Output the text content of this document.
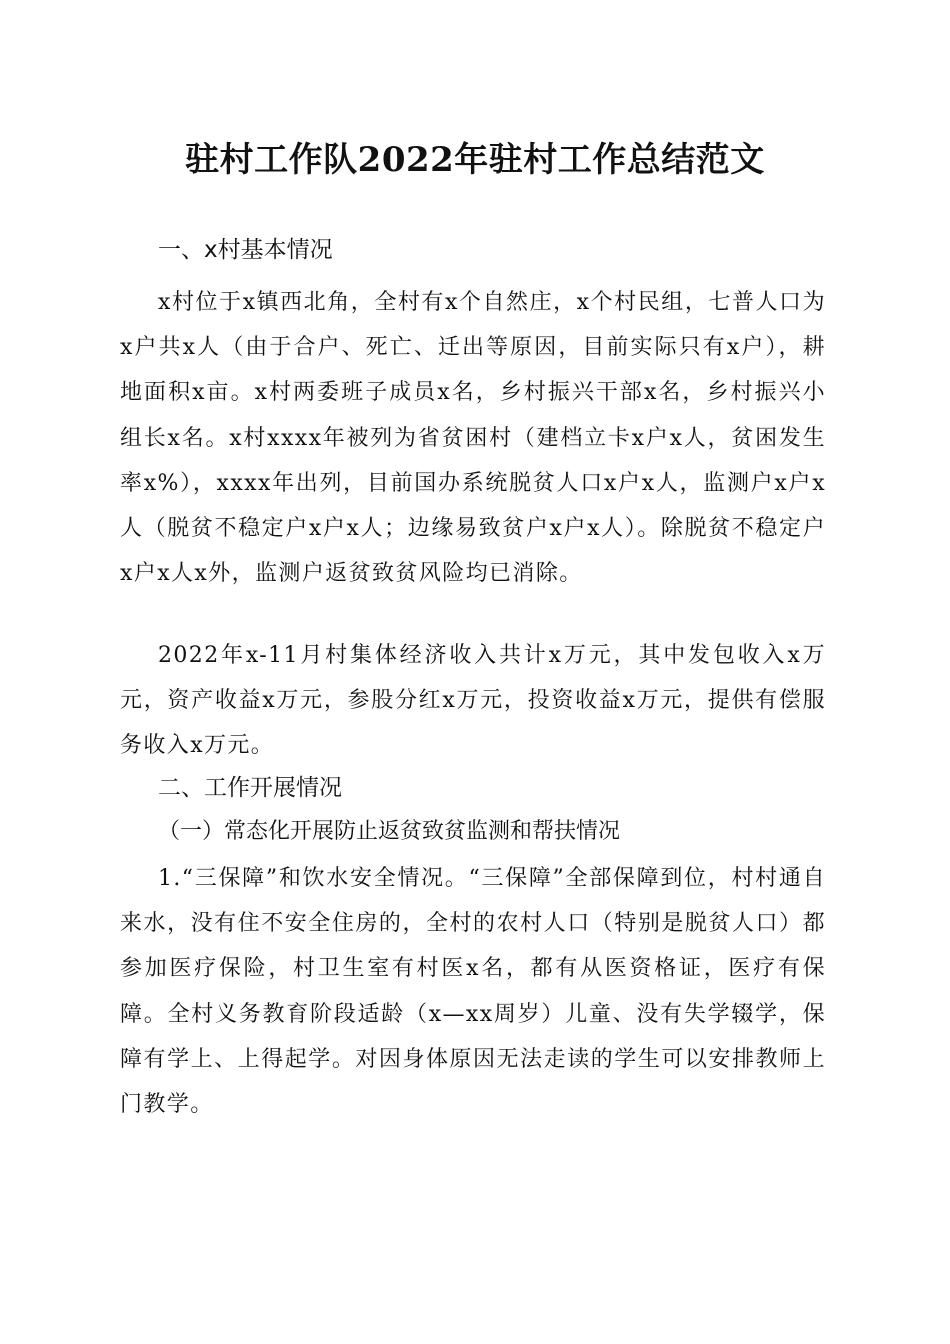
驻村工作队2022年驻村工作总结范文
一、x村基本情况

x村位于x镇西北角，全村有x个自然庄，x个村民组，七普人口为x户共x人（由于合户、死亡、迁出等原因，目前实际只有x户），耕地面积x亩。x村两委班子成员x名，乡村振兴干部x名，乡村振兴小组长x名。x村xxxx年被列为省贫困村（建档立卡x户x人，贫困发生率x%），xxxx年出列，目前国办系统脱贫人口x户x人，监测户x户x人（脱贫不稳定户x户x人；边缘易致贫户x户x人）。除脱贫不稳定户x户x人x外，监测户返贫致贫风险均已消除。

2022年x-11月村集体经济收入共计x万元，其中发包收入x万元，资产收益x万元，参股分红x万元，投资收益x万元，提供有偿服务收入x万元。

二、工作开展情况
（一）常态化开展防止返贫致贫监测和帮扶情况

1.“三保障”和饮水安全情况。“三保障”全部保障到位，村村通自来水，没有住不安全住房的，全村的农村人口（特别是脱贫人口）都参加医疗保险，村卫生室有村医x名，都有从医资格证，医疗有保障。全村义务教育阶段适龄（x—xx周岁）儿童、没有失学辍学，保障有学上、上得起学。对因身体原因无法走读的学生可以安排教师上门教学。
